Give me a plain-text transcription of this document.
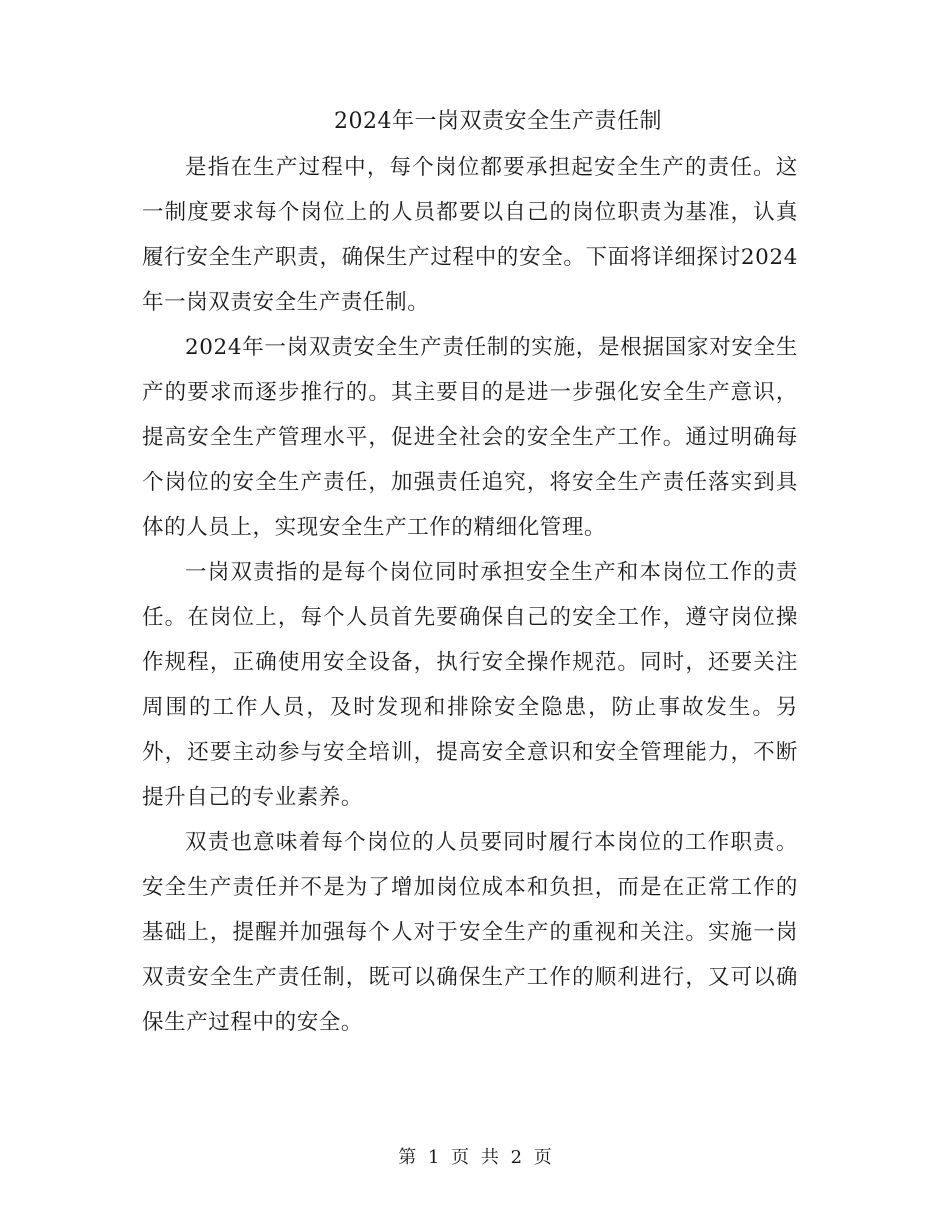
2024年一岗双责安全生产责任制

是指在生产过程中，每个岗位都要承担起安全生产的责任。这一制度要求每个岗位上的人员都要以自己的岗位职责为基准，认真履行安全生产职责，确保生产过程中的安全。下面将详细探讨2024年一岗双责安全生产责任制。

2024年一岗双责安全生产责任制的实施，是根据国家对安全生产的要求而逐步推行的。其主要目的是进一步强化安全生产意识，提高安全生产管理水平，促进全社会的安全生产工作。通过明确每个岗位的安全生产责任，加强责任追究，将安全生产责任落实到具体的人员上，实现安全生产工作的精细化管理。

一岗双责指的是每个岗位同时承担安全生产和本岗位工作的责任。在岗位上，每个人员首先要确保自己的安全工作，遵守岗位操作规程，正确使用安全设备，执行安全操作规范。同时，还要关注周围的工作人员，及时发现和排除安全隐患，防止事故发生。另外，还要主动参与安全培训，提高安全意识和安全管理能力，不断提升自己的专业素养。

双责也意味着每个岗位的人员要同时履行本岗位的工作职责。安全生产责任并不是为了增加岗位成本和负担，而是在正常工作的基础上，提醒并加强每个人对于安全生产的重视和关注。实施一岗双责安全生产责任制，既可以确保生产工作的顺利进行，又可以确保生产过程中的安全。

第 1 页 共 2 页
